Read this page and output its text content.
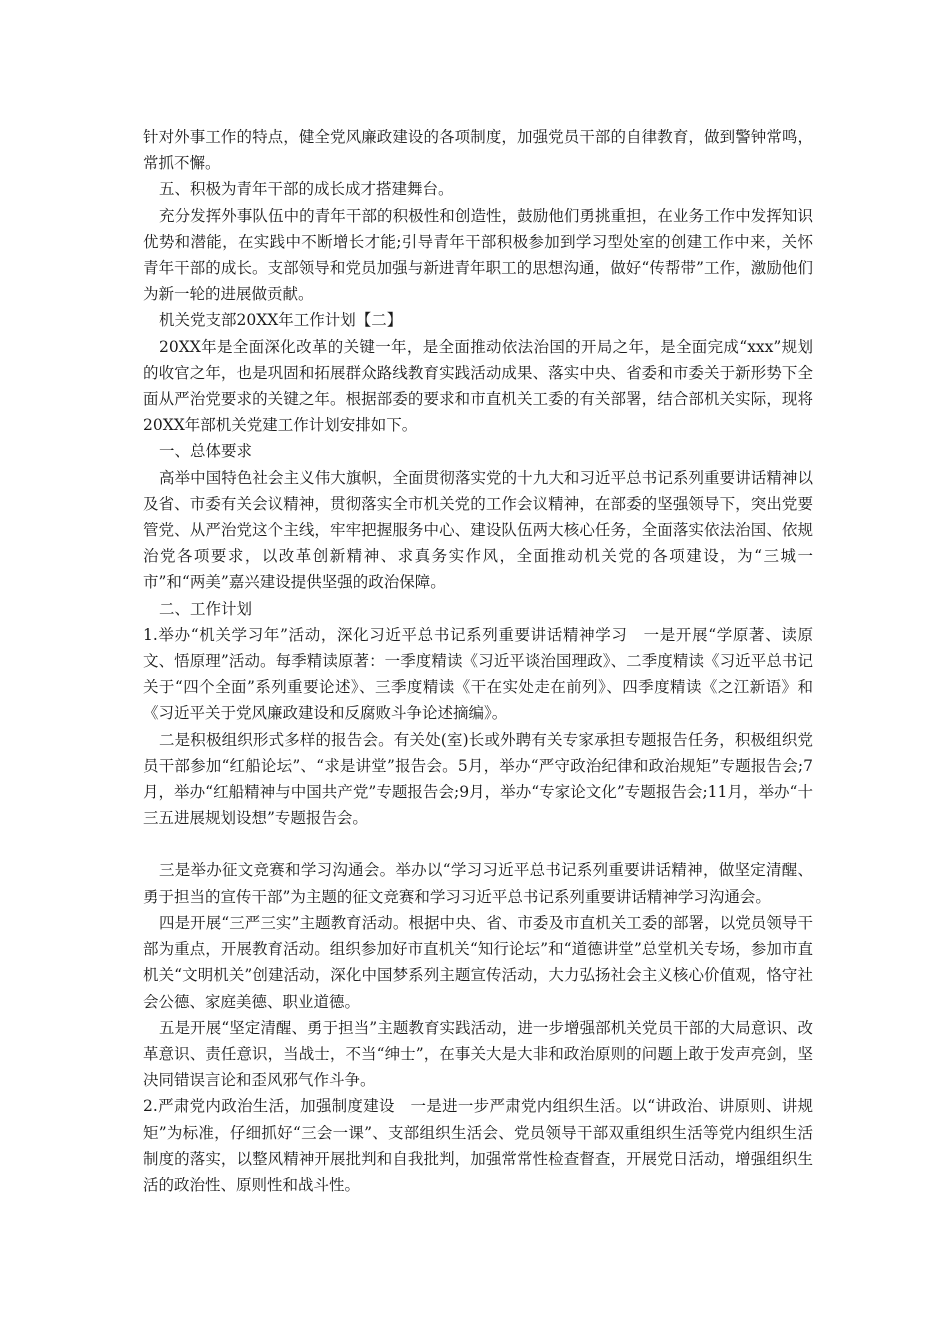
针对外事工作的特点，健全党风廉政建设的各项制度，加强党员干部的自律教育，做到警钟常鸣，常抓不懈。

五、积极为青年干部的成长成才搭建舞台。

充分发挥外事队伍中的青年干部的积极性和创造性，鼓励他们勇挑重担，在业务工作中发挥知识优势和潜能，在实践中不断增长才能;引导青年干部积极参加到学习型处室的创建工作中来，关怀青年干部的成长。支部领导和党员加强与新进青年职工的思想沟通，做好“传帮带”工作，激励他们为新一轮的进展做贡献。

机关党支部20XX年工作计划【二】

20XX年是全面深化改革的关键一年，是全面推动依法治国的开局之年，是全面完成“xxx”规划的收官之年，也是巩固和拓展群众路线教育实践活动成果、落实中央、省委和市委关于新形势下全面从严治党要求的关键之年。根据部委的要求和市直机关工委的有关部署，结合部机关实际，现将20XX年部机关党建工作计划安排如下。

一、总体要求

高举中国特色社会主义伟大旗帜，全面贯彻落实党的十九大和习近平总书记系列重要讲话精神以及省、市委有关会议精神，贯彻落实全市机关党的工作会议精神，在部委的坚强领导下，突出党要管党、从严治党这个主线，牢牢把握服务中心、建设队伍两大核心任务，全面落实依法治国、依规治党各项要求，以改革创新精神、求真务实作风，全面推动机关党的各项建设，为“三城一市”和“两美”嘉兴建设提供坚强的政治保障。

二、工作计划

1.举办“机关学习年”活动，深化习近平总书记系列重要讲话精神学习　一是开展“学原著、读原文、悟原理”活动。每季精读原著：一季度精读《习近平谈治国理政》、二季度精读《习近平总书记关于“四个全面”系列重要论述》、三季度精读《干在实处走在前列》、四季度精读《之江新语》和《习近平关于党风廉政建设和反腐败斗争论述摘编》。

二是积极组织形式多样的报告会。有关处(室)长或外聘有关专家承担专题报告任务，积极组织党员干部参加“红船论坛”、“求是讲堂”报告会。5月，举办“严守政治纪律和政治规矩”专题报告会;7月，举办“红船精神与中国共产党”专题报告会;9月，举办“专家论文化”专题报告会;11月，举办“十三五进展规划设想”专题报告会。

三是举办征文竞赛和学习沟通会。举办以“学习习近平总书记系列重要讲话精神，做坚定清醒、勇于担当的宣传干部”为主题的征文竞赛和学习习近平总书记系列重要讲话精神学习沟通会。

四是开展“三严三实”主题教育活动。根据中央、省、市委及市直机关工委的部署，以党员领导干部为重点，开展教育活动。组织参加好市直机关“知行论坛”和“道德讲堂”总堂机关专场，参加市直机关“文明机关”创建活动，深化中国梦系列主题宣传活动，大力弘扬社会主义核心价值观，恪守社会公德、家庭美德、职业道德。

五是开展“坚定清醒、勇于担当”主题教育实践活动，进一步增强部机关党员干部的大局意识、改革意识、责任意识，当战士，不当“绅士”，在事关大是大非和政治原则的问题上敢于发声亮剑，坚决同错误言论和歪风邪气作斗争。

2.严肃党内政治生活，加强制度建设　一是进一步严肃党内组织生活。以“讲政治、讲原则、讲规矩”为标准，仔细抓好“三会一课”、支部组织生活会、党员领导干部双重组织生活等党内组织生活制度的落实，以整风精神开展批判和自我批判，加强常常性检查督查，开展党日活动，增强组织生活的政治性、原则性和战斗性。
